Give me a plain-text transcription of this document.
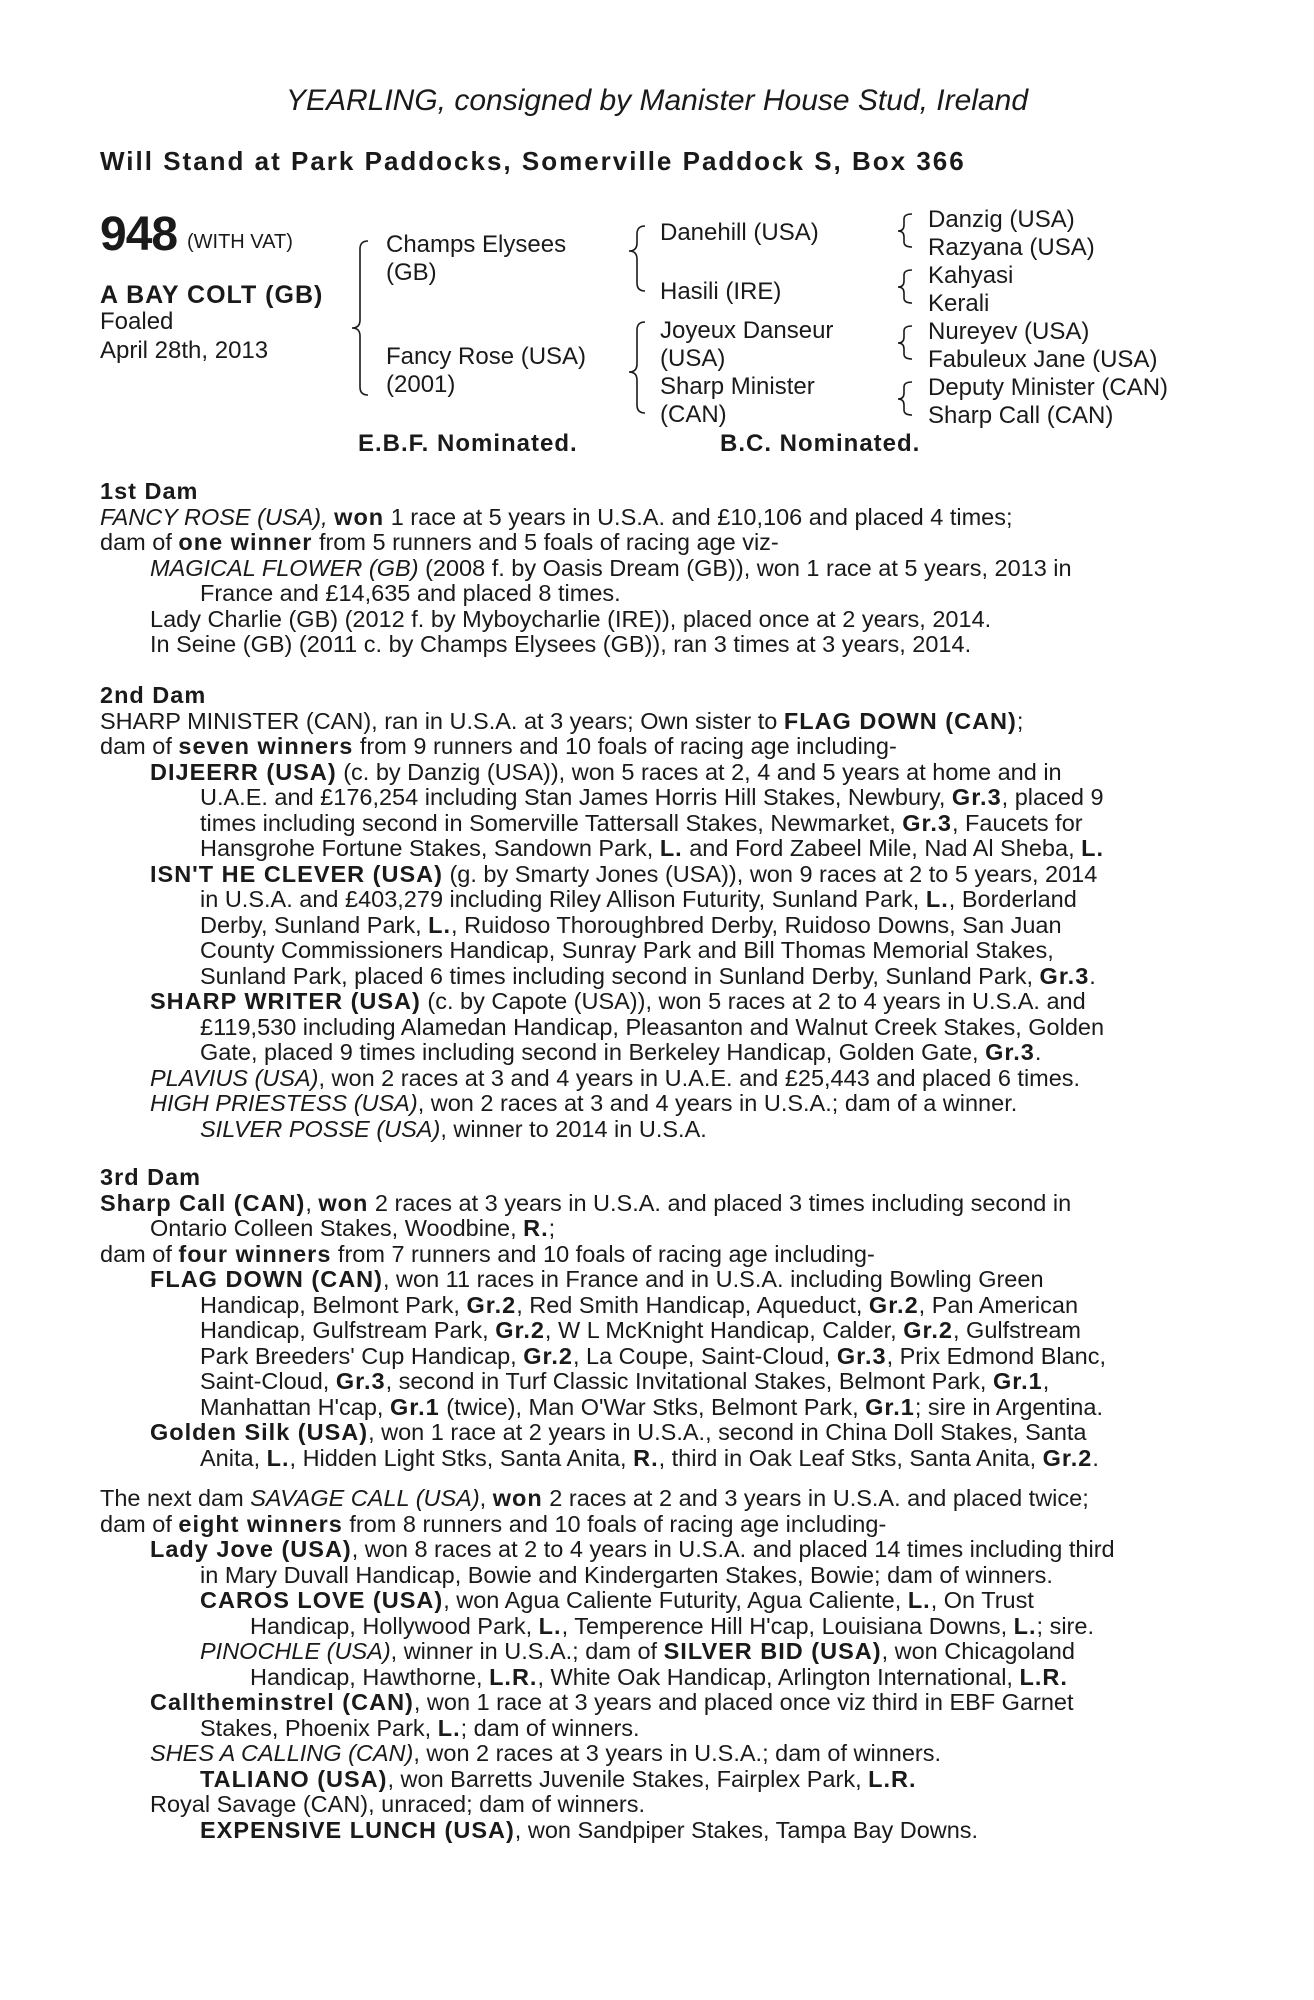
YEARLING, consigned by Manister House Stud, Ireland
Will Stand at Park Paddocks, Somerville Paddock S, Box 366
948 (WITH VAT)
A BAY COLT (GB)
Foaled
April 28th, 2013
Champs Elysees
(GB)
Fancy Rose (USA)
(2001)
Danehill (USA)
Hasili (IRE)
Joyeux Danseur
(USA)
Sharp Minister
(CAN)
Danzig (USA)
Razyana (USA)
Kahyasi
Kerali
Nureyev (USA)
Fabuleux Jane (USA)
Deputy Minister (CAN)
Sharp Call (CAN)
E.B.F. Nominated.	B.C. Nominated.
1st Dam
FANCY ROSE (USA), won 1 race at 5 years in U.S.A. and £10,106 and placed 4 times;
dam of one winner from 5 runners and 5 foals of racing age viz-
MAGICAL FLOWER (GB) (2008 f. by Oasis Dream (GB)), won 1 race at 5 years, 2013 in
France and £14,635 and placed 8 times.
Lady Charlie (GB) (2012 f. by Myboycharlie (IRE)), placed once at 2 years, 2014.
In Seine (GB) (2011 c. by Champs Elysees (GB)), ran 3 times at 3 years, 2014.
2nd Dam
SHARP MINISTER (CAN), ran in U.S.A. at 3 years; Own sister to FLAG DOWN (CAN);
dam of seven winners from 9 runners and 10 foals of racing age including-
DIJEERR (USA) (c. by Danzig (USA)), won 5 races at 2, 4 and 5 years at home and in
U.A.E. and £176,254 including Stan James Horris Hill Stakes, Newbury, Gr.3, placed 9
times including second in Somerville Tattersall Stakes, Newmarket, Gr.3, Faucets for
Hansgrohe Fortune Stakes, Sandown Park, L. and Ford Zabeel Mile, Nad Al Sheba, L.
ISN'T HE CLEVER (USA) (g. by Smarty Jones (USA)), won 9 races at 2 to 5 years, 2014
in U.S.A. and £403,279 including Riley Allison Futurity, Sunland Park, L., Borderland
Derby, Sunland Park, L., Ruidoso Thoroughbred Derby, Ruidoso Downs, San Juan
County Commissioners Handicap, Sunray Park and Bill Thomas Memorial Stakes,
Sunland Park, placed 6 times including second in Sunland Derby, Sunland Park, Gr.3.
SHARP WRITER (USA) (c. by Capote (USA)), won 5 races at 2 to 4 years in U.S.A. and
£119,530 including Alamedan Handicap, Pleasanton and Walnut Creek Stakes, Golden
Gate, placed 9 times including second in Berkeley Handicap, Golden Gate, Gr.3.
PLAVIUS (USA), won 2 races at 3 and 4 years in U.A.E. and £25,443 and placed 6 times.
HIGH PRIESTESS (USA), won 2 races at 3 and 4 years in U.S.A.; dam of a winner.
SILVER POSSE (USA), winner to 2014 in U.S.A.
3rd Dam
Sharp Call (CAN), won 2 races at 3 years in U.S.A. and placed 3 times including second in
Ontario Colleen Stakes, Woodbine, R.;
dam of four winners from 7 runners and 10 foals of racing age including-
FLAG DOWN (CAN), won 11 races in France and in U.S.A. including Bowling Green
Handicap, Belmont Park, Gr.2, Red Smith Handicap, Aqueduct, Gr.2, Pan American
Handicap, Gulfstream Park, Gr.2, W L McKnight Handicap, Calder, Gr.2, Gulfstream
Park Breeders' Cup Handicap, Gr.2, La Coupe, Saint-Cloud, Gr.3, Prix Edmond Blanc,
Saint-Cloud, Gr.3, second in Turf Classic Invitational Stakes, Belmont Park, Gr.1,
Manhattan H'cap, Gr.1 (twice), Man O'War Stks, Belmont Park, Gr.1; sire in Argentina.
Golden Silk (USA), won 1 race at 2 years in U.S.A., second in China Doll Stakes, Santa
Anita, L., Hidden Light Stks, Santa Anita, R., third in Oak Leaf Stks, Santa Anita, Gr.2.
The next dam SAVAGE CALL (USA), won 2 races at 2 and 3 years in U.S.A. and placed twice;
dam of eight winners from 8 runners and 10 foals of racing age including-
Lady Jove (USA), won 8 races at 2 to 4 years in U.S.A. and placed 14 times including third
in Mary Duvall Handicap, Bowie and Kindergarten Stakes, Bowie; dam of winners.
CAROS LOVE (USA), won Agua Caliente Futurity, Agua Caliente, L., On Trust
Handicap, Hollywood Park, L., Temperence Hill H'cap, Louisiana Downs, L.; sire.
PINOCHLE (USA), winner in U.S.A.; dam of SILVER BID (USA), won Chicagoland
Handicap, Hawthorne, L.R., White Oak Handicap, Arlington International, L.R.
Calltheminstrel (CAN), won 1 race at 3 years and placed once viz third in EBF Garnet
Stakes, Phoenix Park, L.; dam of winners.
SHES A CALLING (CAN), won 2 races at 3 years in U.S.A.; dam of winners.
TALIANO (USA), won Barretts Juvenile Stakes, Fairplex Park, L.R.
Royal Savage (CAN), unraced; dam of winners.
EXPENSIVE LUNCH (USA), won Sandpiper Stakes, Tampa Bay Downs.
